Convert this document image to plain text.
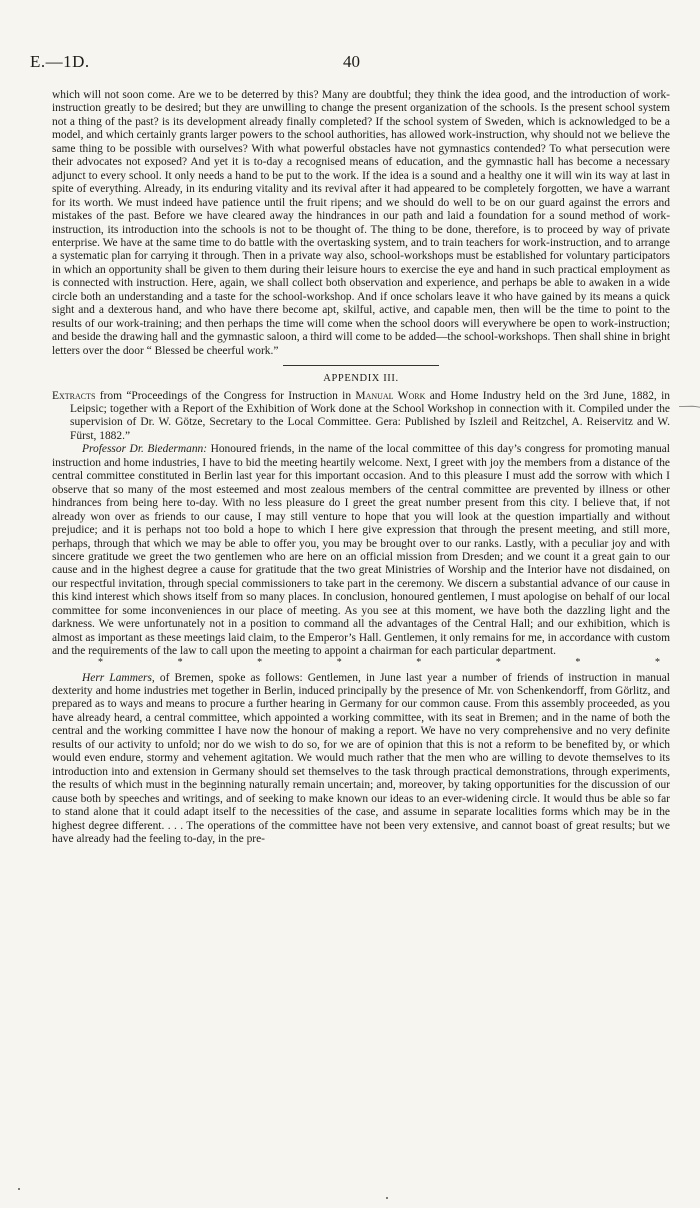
E.—1D.	40

which will not soon come. Are we to be deterred by this? Many are doubtful; they think the idea good, and the introduction of work-instruction greatly to be desired; but they are unwilling to change the present organization of the schools. Is the present school system not a thing of the past? is its development already finally completed? If the school system of Sweden, which is acknowledged to be a model, and which certainly grants larger powers to the school authorities, has allowed work-instruction, why should not we believe the same thing to be possible with ourselves? With what powerful obstacles have not gymnastics contended? To what persecution were their advocates not exposed? And yet it is to-day a recognised means of education, and the gymnastic hall has become a necessary adjunct to every school. It only needs a hand to be put to the work. If the idea is a sound and a healthy one it will win its way at last in spite of everything. Already, in its enduring vitality and its revival after it had appeared to be completely forgotten, we have a warrant for its worth. We must indeed have patience until the fruit ripens; and we should do well to be on our guard against the errors and mistakes of the past. Before we have cleared away the hindrances in our path and laid a foundation for a sound method of work-instruction, its introduction into the schools is not to be thought of. The thing to be done, therefore, is to proceed by way of private enterprise. We have at the same time to do battle with the overtasking system, and to train teachers for work-instruction, and to arrange a systematic plan for carrying it through. Then in a private way also, school-workshops must be established for voluntary participators in which an opportunity shall be given to them during their leisure hours to exercise the eye and hand in such practical employment as is connected with instruction. Here, again, we shall collect both observation and experience, and perhaps be able to awaken in a wide circle both an understanding and a taste for the school-workshop. And if once scholars leave it who have gained by its means a quick sight and a dexterous hand, and who have there become apt, skilful, active, and capable men, then will be the time to point to the results of our work-training; and then perhaps the time will come when the school doors will everywhere be open to work-instruction; and beside the drawing hall and the gymnastic saloon, a third will come to be added—the school-workshops. Then shall shine in bright letters over the door “ Blessed be cheerful work.”

APPENDIX III.

Extracts from “Proceedings of the Congress for Instruction in Manual Work and Home Industry held on the 3rd June, 1882, in Leipsic; together with a Report of the Exhibition of Work done at the School Workshop in connection with it. Compiled under the supervision of Dr. W. Götze, Secretary to the Local Committee. Gera: Published by Iszleil and Reitzchel, A. Reiservitz and W. Fürst, 1882.”

Professor Dr. Biedermann: Honoured friends, in the name of the local committee of this day’s congress for promoting manual instruction and home industries, I have to bid the meeting heartily welcome. Next, I greet with joy the members from a distance of the central committee constituted in Berlin last year for this important occasion. And to this pleasure I must add the sorrow with which I observe that so many of the most esteemed and most zealous members of the central committee are prevented by illness or other hindrances from being here to-day. With no less pleasure do I greet the great number present from this city. I believe that, if not already won over as friends to our cause, I may still venture to hope that you will look at the question impartially and without prejudice; and it is perhaps not too bold a hope to which I here give expression that through the present meeting, and still more, perhaps, through that which we may be able to offer you, you may be brought over to our ranks. Lastly, with a peculiar joy and with sincere gratitude we greet the two gentlemen who are here on an official mission from Dresden; and we count it a great gain to our cause and in the highest degree a cause for gratitude that the two great Ministries of Worship and the Interior have not disdained, on our respectful invitation, through special commissioners to take part in the ceremony. We discern a substantial advance of our cause in this kind interest which shows itself from so many places. In conclusion, honoured gentlemen, I must apologise on behalf of our local committee for some inconveniences in our place of meeting. As you see at this moment, we have both the dazzling light and the darkness. We were unfortunately not in a position to command all the advantages of the Central Hall; and our exhibition, which is almost as important as these meetings laid claim, to the Emperor’s Hall. Gentlemen, it only remains for me, in accordance with custom and the requirements of the law to call upon the meeting to appoint a chairman for each particular department.

*	*	*	*	*	*	*	*

Herr Lammers, of Bremen, spoke as follows: Gentlemen, in June last year a number of friends of instruction in manual dexterity and home industries met together in Berlin, induced principally by the presence of Mr. von Schenkendorff, from Görlitz, and prepared as to ways and means to procure a further hearing in Germany for our common cause. From this assembly proceeded, as you have already heard, a central committee, which appointed a working committee, with its seat in Bremen; and in the name of both the central and the working committee I have now the honour of making a report. We have no very comprehensive and no very definite results of our activity to unfold; nor do we wish to do so, for we are of opinion that this is not a reform to be benefited by, or which would even endure, stormy and vehement agitation. We would much rather that the men who are willing to devote themselves to its introduction into and extension in Germany should set themselves to the task through practical demonstrations, through experiments, the results of which must in the beginning naturally remain uncertain; and, moreover, by taking opportunities for the discussion of our cause both by speeches and writings, and of seeking to make known our ideas to an ever-widening circle. It would thus be able so far to stand alone that it could adapt itself to the necessities of the case, and assume in separate localities forms which may be in the highest degree different. . . . The operations of the committee have not been very extensive, and cannot boast of great results; but we have already had the feeling to-day, in the pre-
